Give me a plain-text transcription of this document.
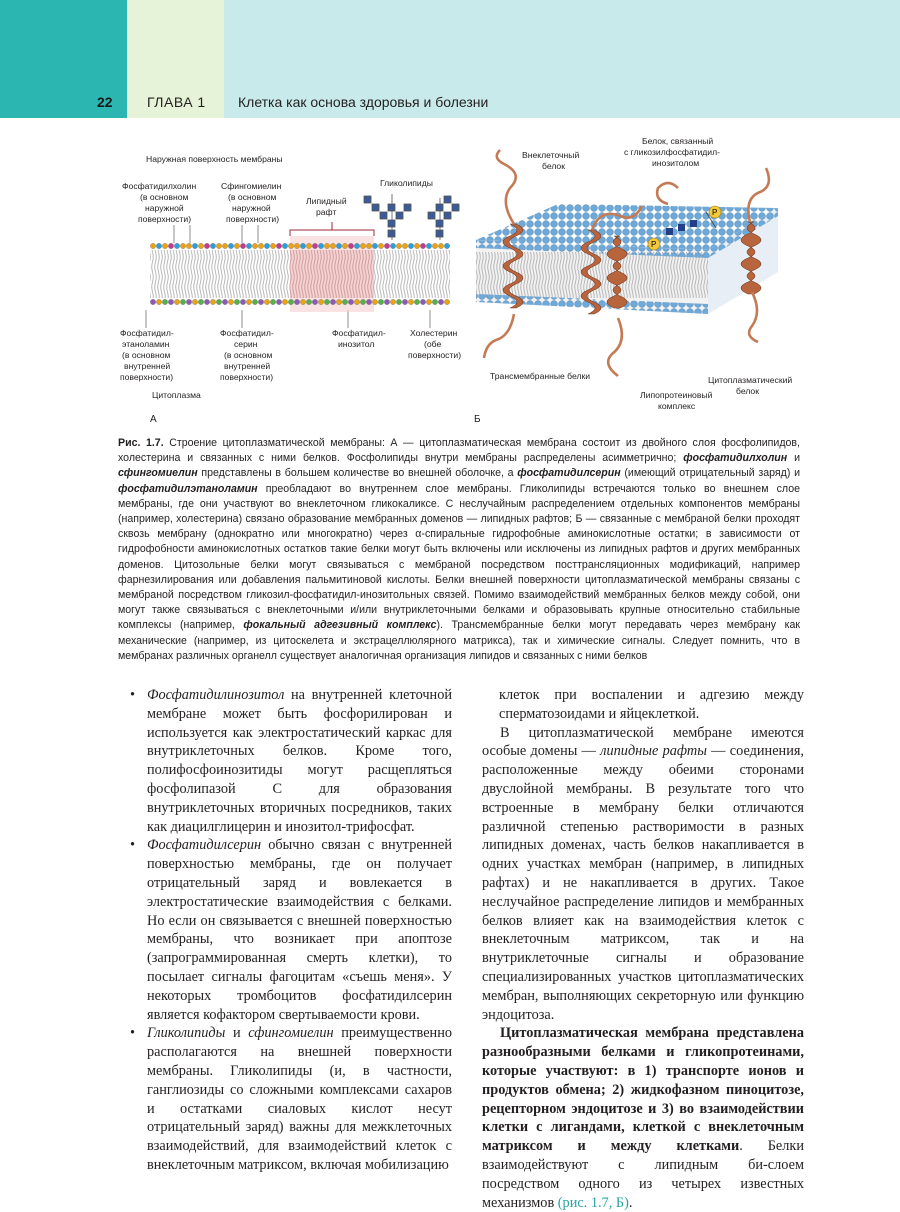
22 ГЛАВА 1 Клетка как основа здоровья и болезни
Наружная поверхность мембраны
Гликолипиды
Липидный
рафт
Фосфатидилхолин
(в основном
наружной
поверхности)
Сфингомиелин
(в основном
наружной
поверхности)
Фосфатидил-
этаноламин
(в основном
внутренней
поверхности)
Фосфатидил-
серин
(в основном
внутренней
поверхности)
Фосфатидил-
инозитол
Холестерин
(обе
поверхности)
Цитоплазма
А
P
P
Внеклеточный
белок
Белок, связанный
с гликозилфосфатидил-
инозитолом
Трансмембранные белки
Липопротеиновый
комплекс
Цитоплазматический
белок
Б
Рис. 1.7. Строение цитоплазматической мембраны: А — цитоплазматическая мембрана состоит из двойного слоя фосфолипидов, холестерина и связанных с ними белков. Фосфолипиды внутри мембраны распределены асимметрично; фосфатидилхолин и сфингомиелин представлены в большем количестве во внешней оболочке, а фосфатидилсерин (имеющий отрицательный заряд) и фосфатидилэтаноламин преобладают во внутреннем слое мембраны. Гликолипиды встречаются только во внешнем слое мембраны, где они участвуют во внеклеточном гликокаликсе. С неслучайным распределением отдельных компонентов мембраны (например, холестерина) связано образование мембранных доменов — липидных рафтов; Б — связанные с мембраной белки проходят сквозь мембрану (однократно или многократно) через α-спиральные гидрофобные аминокислотные остатки; в зависимости от гидрофобности аминокислотных остатков такие белки могут быть включены или исключены из липидных рафтов и других мембранных доменов. Цитозольные белки могут связываться с мембраной посредством посттрансляционных модификаций, например фарнезилирования или добавления пальмитиновой кислоты. Белки внешней поверхности цитоплазматической мембраны связаны с мембраной посредством гликозил-фосфатидил-инозитольных связей. Помимо взаимодействий мембранных белков между собой, они могут также связываться с внеклеточными и/или внутриклеточными белками и образовывать крупные относительно стабильные комплексы (например, фокальный адгезивный комплекс). Трансмембранные белки могут передавать через мембрану как механические (например, из цитоскелета и экстрацеллюлярного матрикса), так и химические сигналы. Следует помнить, что в мембранах различных органелл существует аналогичная организация липидов и связанных с ними белков

• Фосфатидилинозитол на внутренней клеточной мембране может быть фосфорилирован и используется как электростатический каркас для внутриклеточных белков. Кроме того, полифосфоинозитиды могут расщепляться фосфолипазой С для образования внутриклеточных вторичных посредников, таких как диацилглицерин и инозитол-трифосфат.

• Фосфатидилсерин обычно связан с внутренней поверхностью мембраны, где он получает отрицательный заряд и вовлекается в электростатические взаимодействия с белками. Но если он связывается с внешней поверхностью мембраны, что возникает при апоптозе (запрограммированная смерть клетки), то посылает сигналы фагоцитам «съешь меня». У некоторых тромбоцитов фосфатидилсерин является кофактором свертываемости крови.

• Гликолипиды и сфингомиелин преимущественно располагаются на внешней поверхности мембраны. Гликолипиды (и, в частности, ганглиозиды со сложными комплексами сахаров и остатками сиаловых кислот несут отрицательный заряд) важны для межклеточных взаимодействий, для взаимодействий клеток с внеклеточным матриксом, включая мобилизацию

клеток при воспалении и адгезию между сперматозоидами и яйцеклеткой.

В цитоплазматической мембране имеются особые домены — липидные рафты — соединения, расположенные между обеими сторонами двуслойной мембраны. В результате того что встроенные в мембрану белки отличаются различной степенью растворимости в разных липидных доменах, часть белков накапливается в одних участках мембран (например, в липидных рафтах) и не накапливается в других. Такое неслучайное распределение липидов и мембранных белков влияет как на взаимодействия клеток с внеклеточным матриксом, так и на внутриклеточные сигналы и образование специализированных участков цитоплазматических мембран, выполняющих секреторную или функцию эндоцитоза.

Цитоплазматическая мембрана представлена разнообразными белками и гликопротеинами, которые участвуют: в 1) транспорте ионов и продуктов обмена; 2) жидкофазном пиноцитозе, рецепторном эндоцитозе и 3) во взаимодействии клетки с лигандами, клеткой с внеклеточным матриксом и между клетками. Белки взаимодействуют с липидным би-слоем посредством одного из четырех известных механизмов (рис. 1.7, Б).
